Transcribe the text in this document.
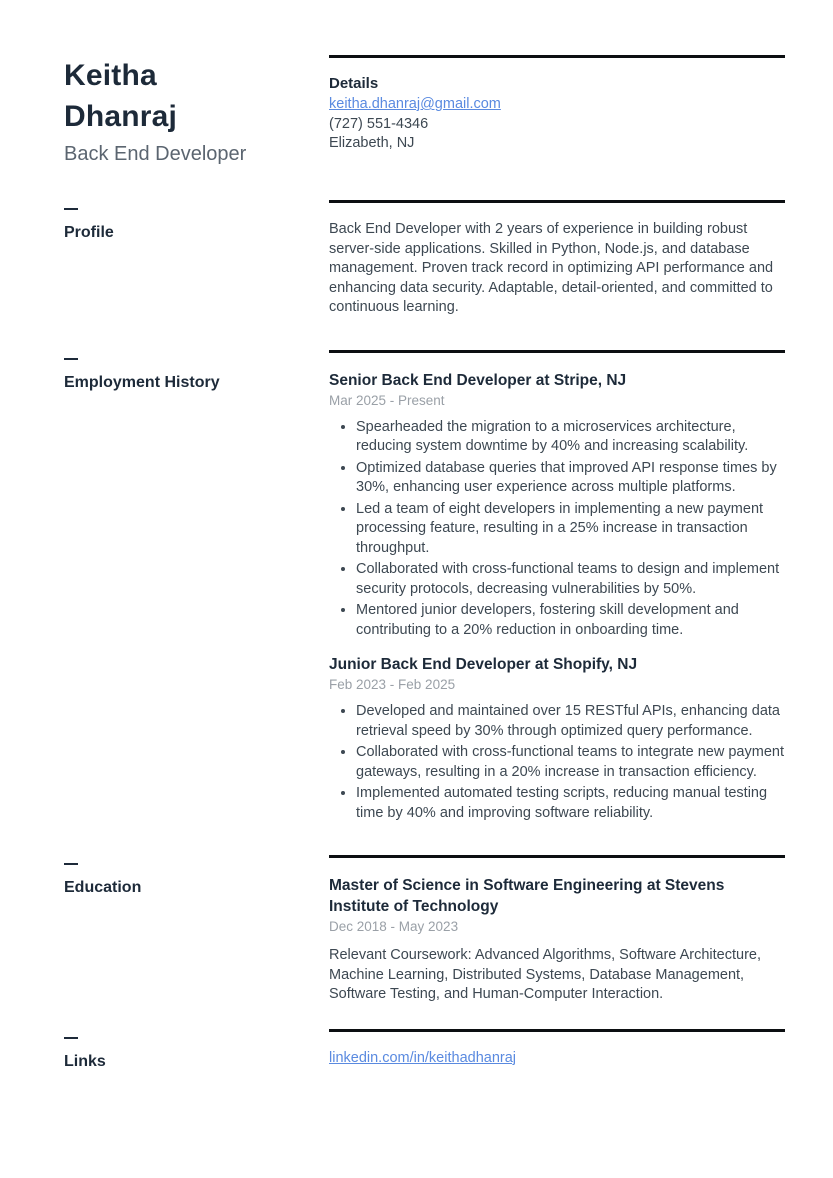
Keitha Dhanraj
Back End Developer
Details
keitha.dhanraj@gmail.com
(727) 551-4346
Elizabeth, NJ
Profile	Back End Developer with 2 years of experience in building robust server-side applications. Skilled in Python, Node.js, and database management. Proven track record in optimizing API performance and enhancing data security. Adaptable, detail-oriented, and committed to continuous learning.

Employment History	Senior Back End Developer at Stripe, NJ
Mar 2025 - Present
• Spearheaded the migration to a microservices architecture, reducing system downtime by 40% and increasing scalability.
• Optimized database queries that improved API response times by 30%, enhancing user experience across multiple platforms.
• Led a team of eight developers in implementing a new payment processing feature, resulting in a 25% increase in transaction throughput.
• Collaborated with cross-functional teams to design and implement security protocols, decreasing vulnerabilities by 50%.
• Mentored junior developers, fostering skill development and contributing to a 20% reduction in onboarding time.
Junior Back End Developer at Shopify, NJ
Feb 2023 - Feb 2025
• Developed and maintained over 15 RESTful APIs, enhancing data retrieval speed by 30% through optimized query performance.
• Collaborated with cross-functional teams to integrate new payment gateways, resulting in a 20% increase in transaction efficiency.
• Implemented automated testing scripts, reducing manual testing time by 40% and improving software reliability.
Education	Master of Science in Software Engineering at Stevens Institute of Technology
Dec 2018 - May 2023

Relevant Coursework: Advanced Algorithms, Software Architecture, Machine Learning, Distributed Systems, Database Management, Software Testing, and Human-Computer Interaction.

Links	linkedin.com/in/keithadhanraj
